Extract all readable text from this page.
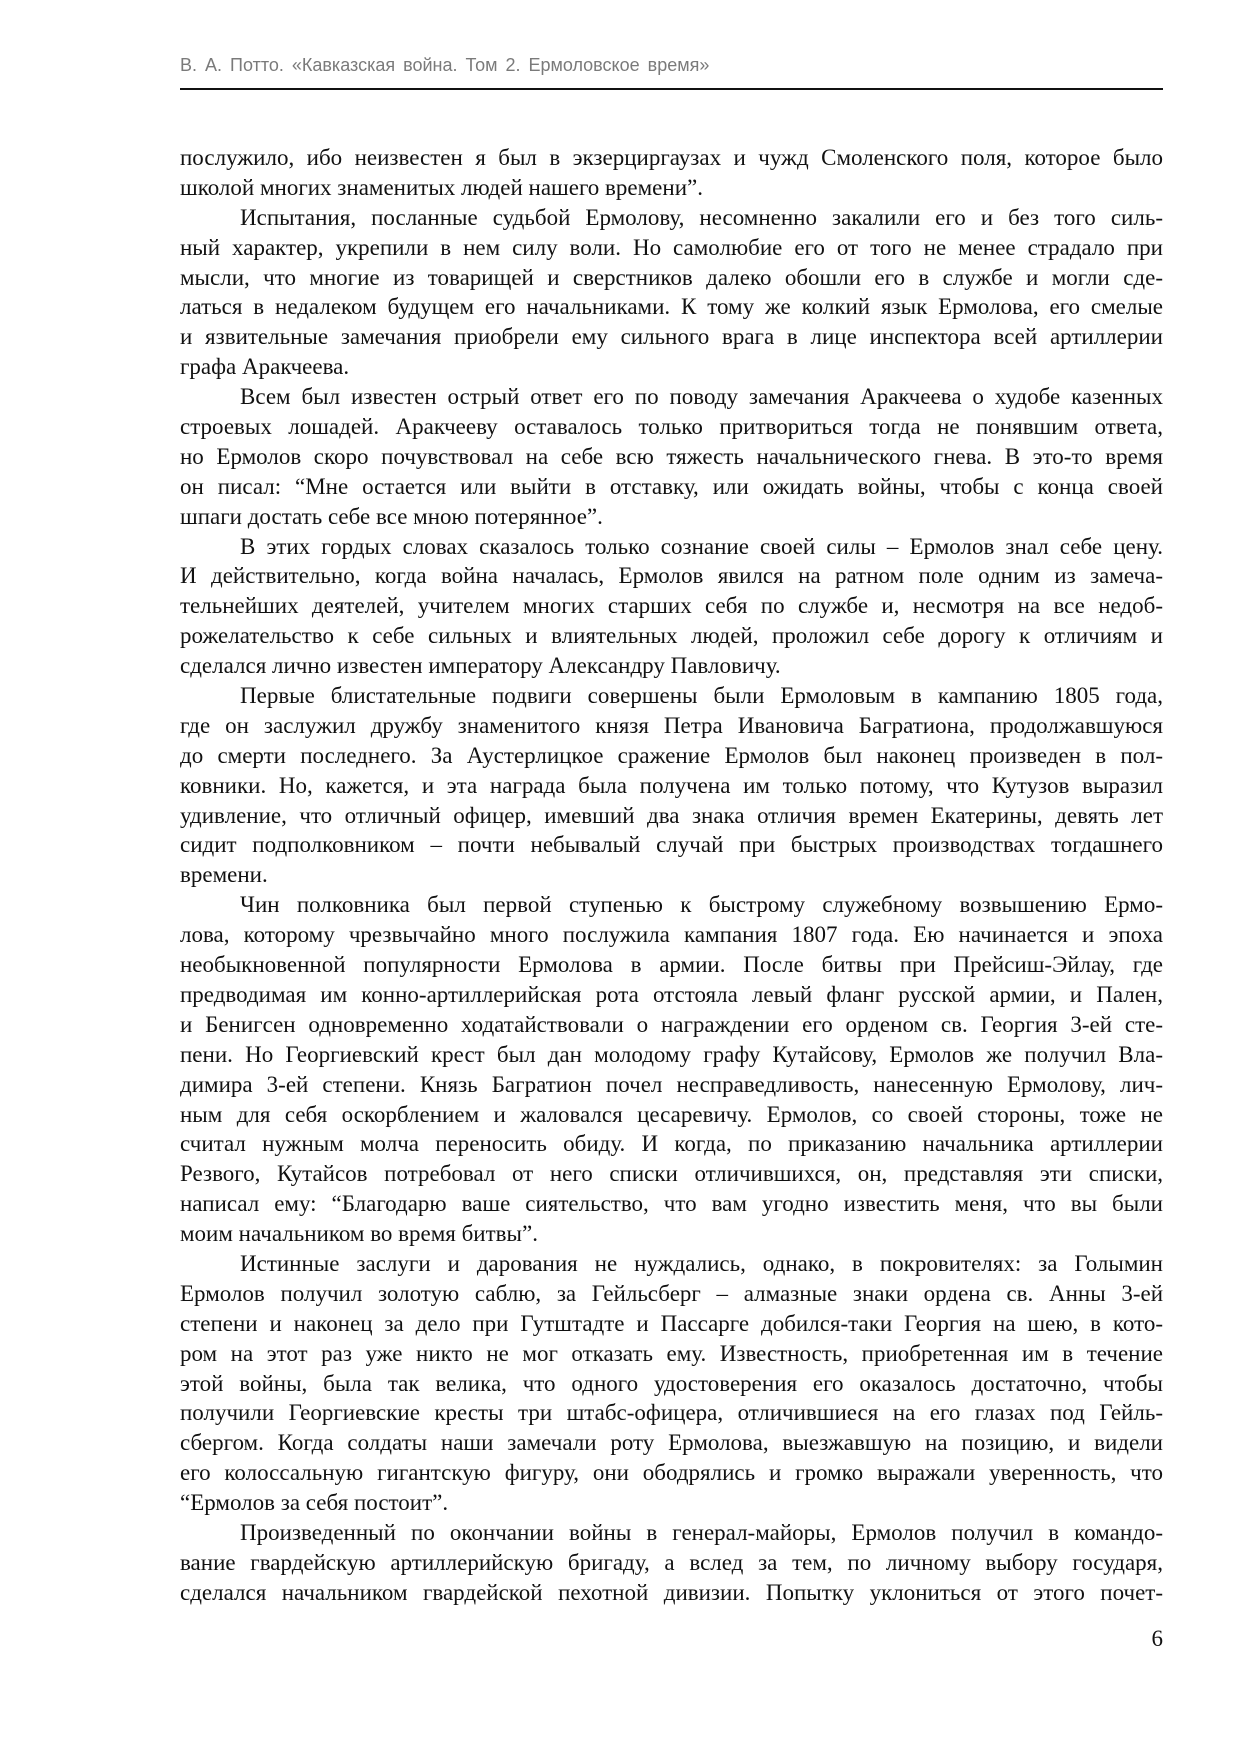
В. А. Потто. «Кавказская война. Том 2. Ермоловское время»
послужило, ибо неизвестен я был в экзерциргаузах и чужд Смоленского поля, которое было
школой многих знаменитых людей нашего времени”.
Испытания, посланные судьбой Ермолову, несомненно закалили его и без того силь-
ный характер, укрепили в нем силу воли. Но самолюбие его от того не менее страдало при
мысли, что многие из товарищей и сверстников далеко обошли его в службе и могли сде-
латься в недалеком будущем его начальниками. К тому же колкий язык Ермолова, его смелые
и язвительные замечания приобрели ему сильного врага в лице инспектора всей артиллерии
графа Аракчеева.
Всем был известен острый ответ его по поводу замечания Аракчеева о худобе казенных
строевых лошадей. Аракчееву оставалось только притвориться тогда не понявшим ответа,
но Ермолов скоро почувствовал на себе всю тяжесть начальнического гнева. В это-то время
он писал: “Мне остается или выйти в отставку, или ожидать войны, чтобы с конца своей
шпаги достать себе все мною потерянное”.
В этих гордых словах сказалось только сознание своей силы – Ермолов знал себе цену.
И действительно, когда война началась, Ермолов явился на ратном поле одним из замеча-
тельнейших деятелей, учителем многих старших себя по службе и, несмотря на все недоб-
рожелательство к себе сильных и влиятельных людей, проложил себе дорогу к отличиям и
сделался лично известен императору Александру Павловичу.
Первые блистательные подвиги совершены были Ермоловым в кампанию 1805 года,
где он заслужил дружбу знаменитого князя Петра Ивановича Багратиона, продолжавшуюся
до смерти последнего. За Аустерлицкое сражение Ермолов был наконец произведен в пол-
ковники. Но, кажется, и эта награда была получена им только потому, что Кутузов выразил
удивление, что отличный офицер, имевший два знака отличия времен Екатерины, девять лет
сидит подполковником – почти небывалый случай при быстрых производствах тогдашнего
времени.
Чин полковника был первой ступенью к быстрому служебному возвышению Ермо-
лова, которому чрезвычайно много послужила кампания 1807 года. Ею начинается и эпоха
необыкновенной популярности Ермолова в армии. После битвы при Прейсиш-Эйлау, где
предводимая им конно-артиллерийская рота отстояла левый фланг русской армии, и Пален,
и Бенигсен одновременно ходатайствовали о награждении его орденом св. Георгия 3-ей сте-
пени. Но Георгиевский крест был дан молодому графу Кутайсову, Ермолов же получил Вла-
димира 3-ей степени. Князь Багратион почел несправедливость, нанесенную Ермолову, лич-
ным для себя оскорблением и жаловался цесаревичу. Ермолов, со своей стороны, тоже не
считал нужным молча переносить обиду. И когда, по приказанию начальника артиллерии
Резвого, Кутайсов потребовал от него списки отличившихся, он, представляя эти списки,
написал ему: “Благодарю ваше сиятельство, что вам угодно известить меня, что вы были
моим начальником во время битвы”.
Истинные заслуги и дарования не нуждались, однако, в покровителях: за Голымин
Ермолов получил золотую саблю, за Гейльсберг – алмазные знаки ордена св. Анны 3-ей
степени и наконец за дело при Гутштадте и Пассарге добился-таки Георгия на шею, в кото-
ром на этот раз уже никто не мог отказать ему. Известность, приобретенная им в течение
этой войны, была так велика, что одного удостоверения его оказалось достаточно, чтобы
получили Георгиевские кресты три штабс-офицера, отличившиеся на его глазах под Гейль-
сбергом. Когда солдаты наши замечали роту Ермолова, выезжавшую на позицию, и видели
его колоссальную гигантскую фигуру, они ободрялись и громко выражали уверенность, что
“Ермолов за себя постоит”.
Произведенный по окончании войны в генерал-майоры, Ермолов получил в командо-
вание гвардейскую артиллерийскую бригаду, а вслед за тем, по личному выбору государя,
сделался начальником гвардейской пехотной дивизии. Попытку уклониться от этого почет-
6
